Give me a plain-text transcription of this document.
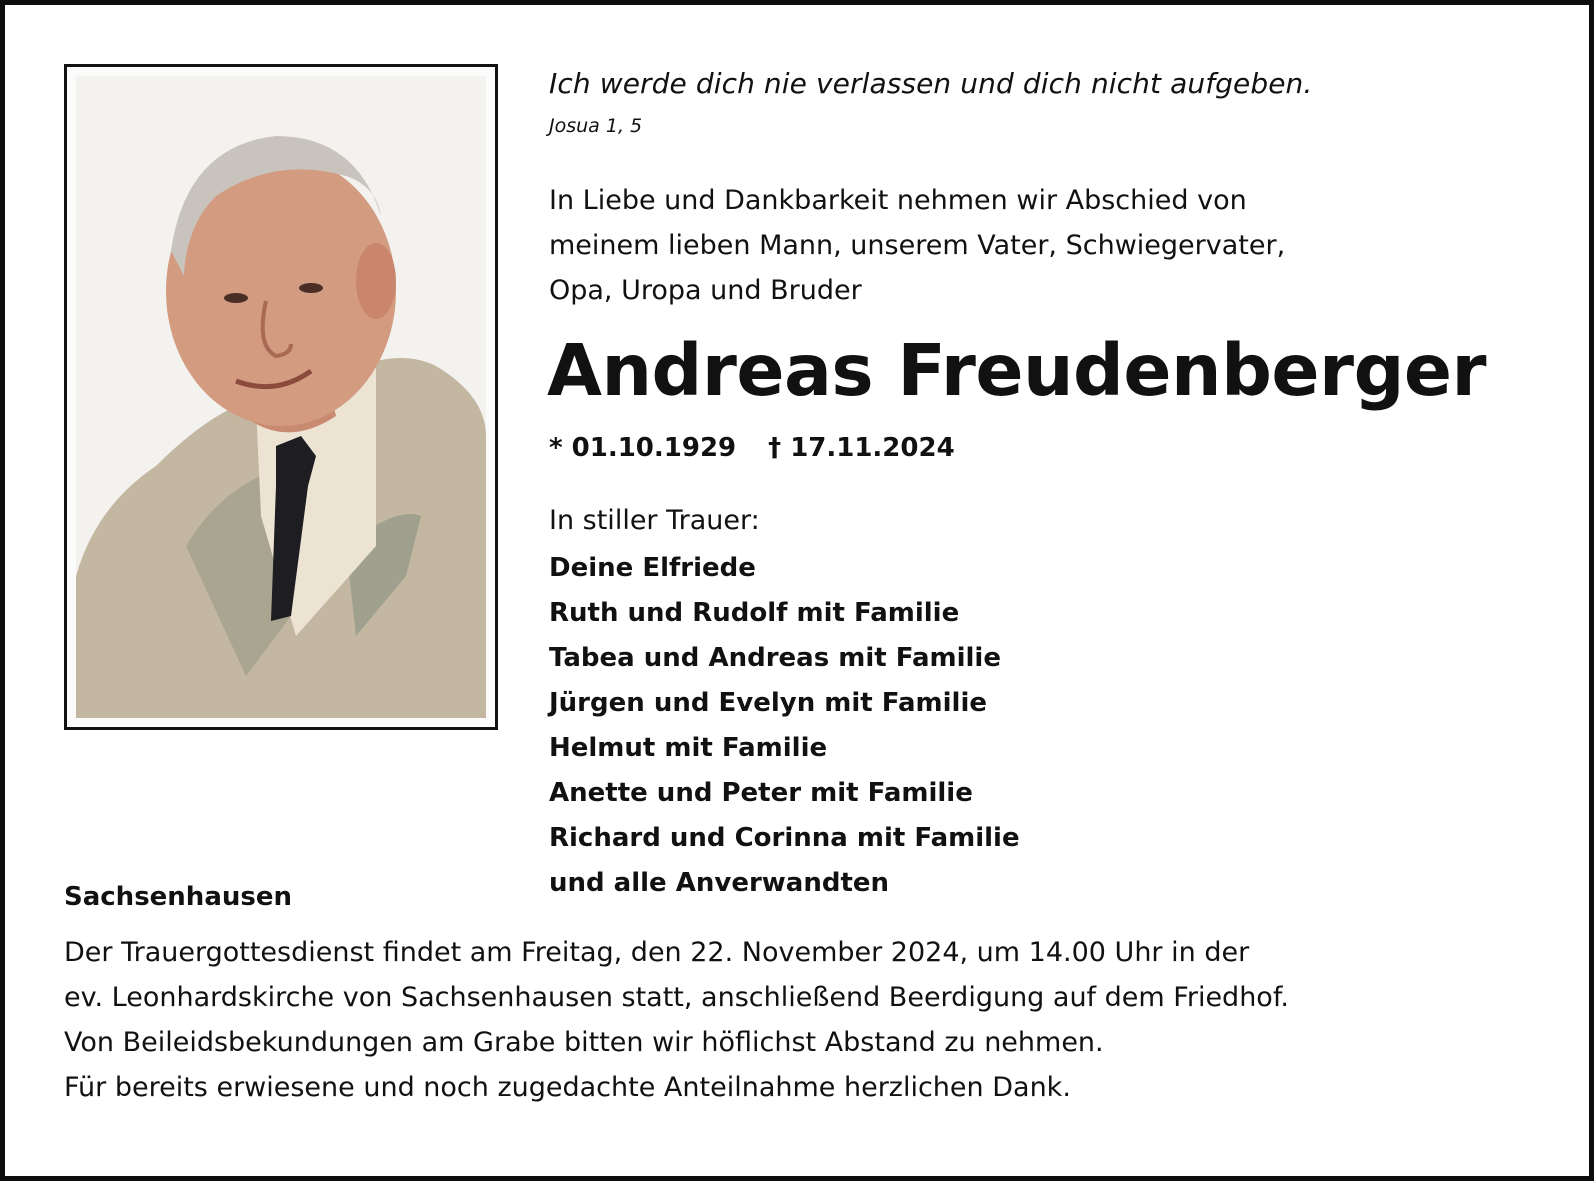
Ich werde dich nie verlassen und dich nicht aufgeben.
Josua 1, 5
In Liebe und Dankbarkeit nehmen wir Abschied von
meinem lieben Mann, unserem Vater, Schwiegervater,
Opa, Uropa und Bruder
Andreas Freudenberger
* 01.10.1929 † 17.11.2024
In stiller Trauer:
Deine Elfriede
Ruth und Rudolf mit Familie
Tabea und Andreas mit Familie
Jürgen und Evelyn mit Familie
Helmut mit Familie
Anette und Peter mit Familie
Richard und Corinna mit Familie
und alle Anverwandten
Sachsenhausen
Der Trauergottesdienst findet am Freitag, den 22. November 2024, um 14.00 Uhr in der
ev. Leonhardskirche von Sachsenhausen statt, anschließend Beerdigung auf dem Friedhof.
Von Beileidsbekundungen am Grabe bitten wir höflichst Abstand zu nehmen.
Für bereits erwiesene und noch zugedachte Anteilnahme herzlichen Dank.
